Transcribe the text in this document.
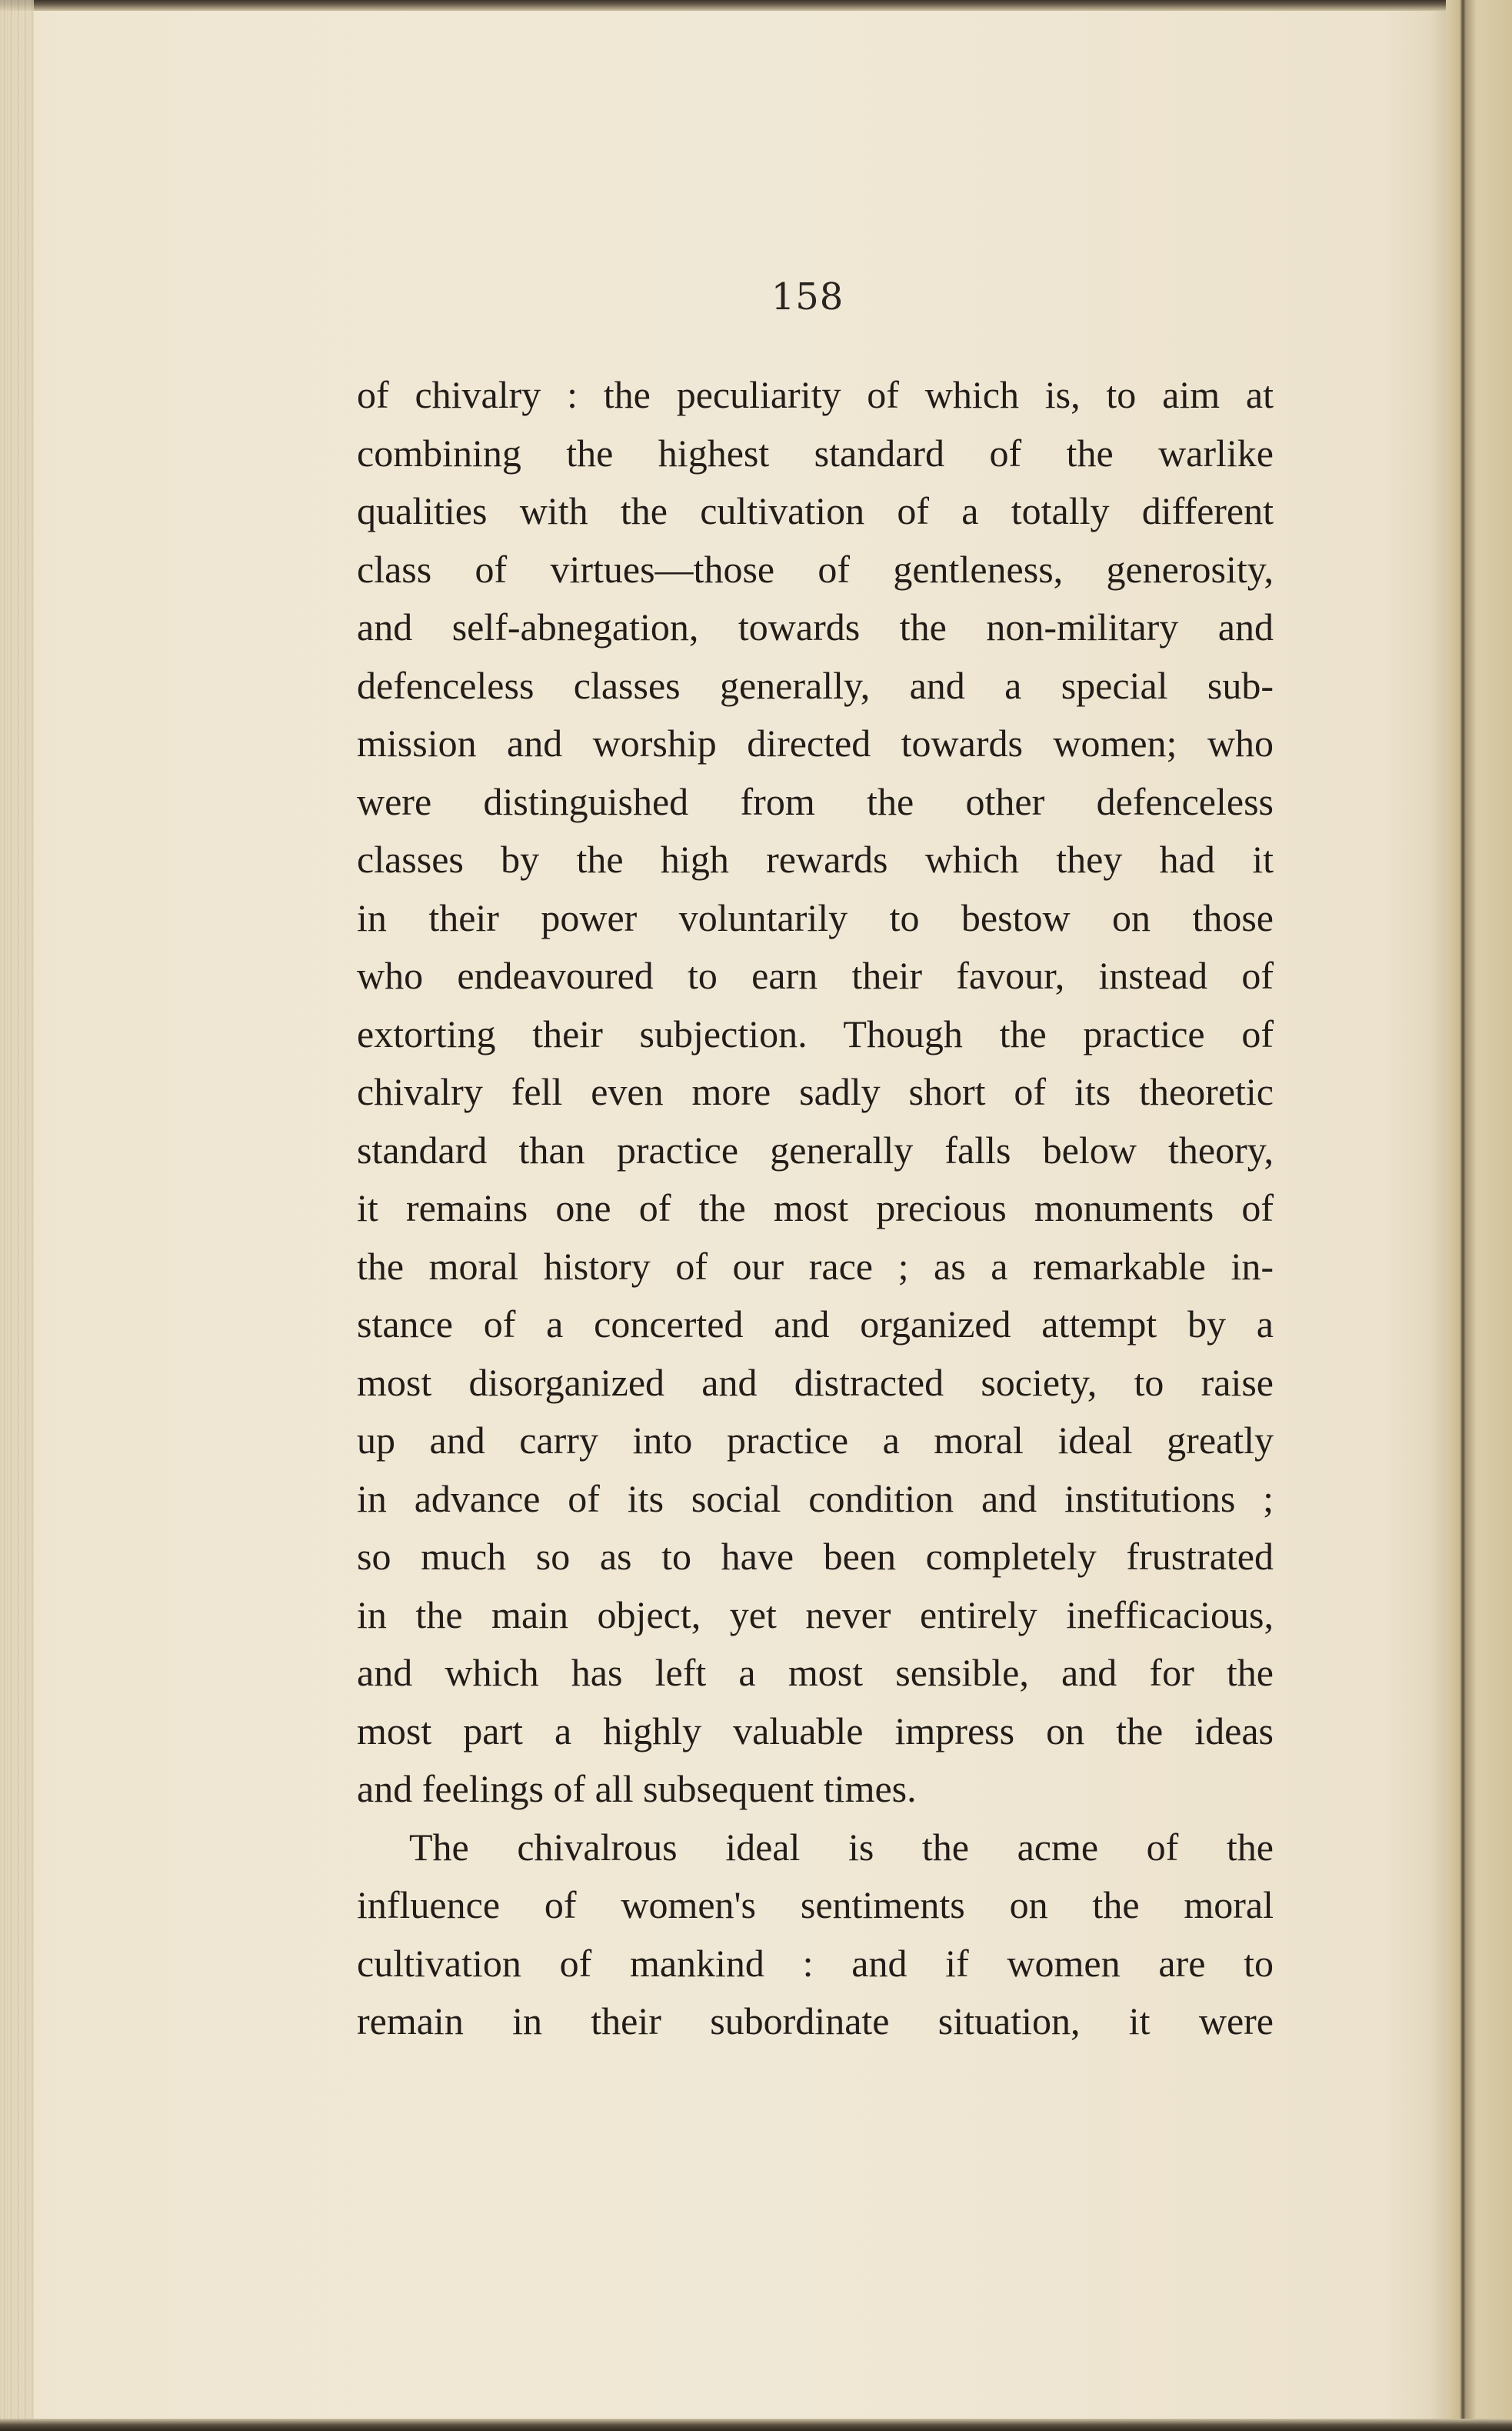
158
of chivalry : the peculiarity of which is, to aim at
combining the highest standard of the warlike
qualities with the cultivation of a totally different
class of virtues—those of gentleness, generosity,
and self-abnegation, towards the non-military and
defenceless classes generally, and a special sub-
mission and worship directed towards women; who
were distinguished from the other defenceless
classes by the high rewards which they had it
in their power voluntarily to bestow on those
who endeavoured to earn their favour, instead of
extorting their subjection. Though the practice of
chivalry fell even more sadly short of its theoretic
standard than practice generally falls below theory,
it remains one of the most precious monuments of
the moral history of our race ; as a remarkable in-
stance of a concerted and organized attempt by a
most disorganized and distracted society, to raise
up and carry into practice a moral ideal greatly
in advance of its social condition and institutions ;
so much so as to have been completely frustrated
in the main object, yet never entirely inefficacious,
and which has left a most sensible, and for the
most part a highly valuable impress on the ideas
and feelings of all subsequent times.
The chivalrous ideal is the acme of the
influence of women's sentiments on the moral
cultivation of mankind : and if women are to
remain in their subordinate situation, it were
